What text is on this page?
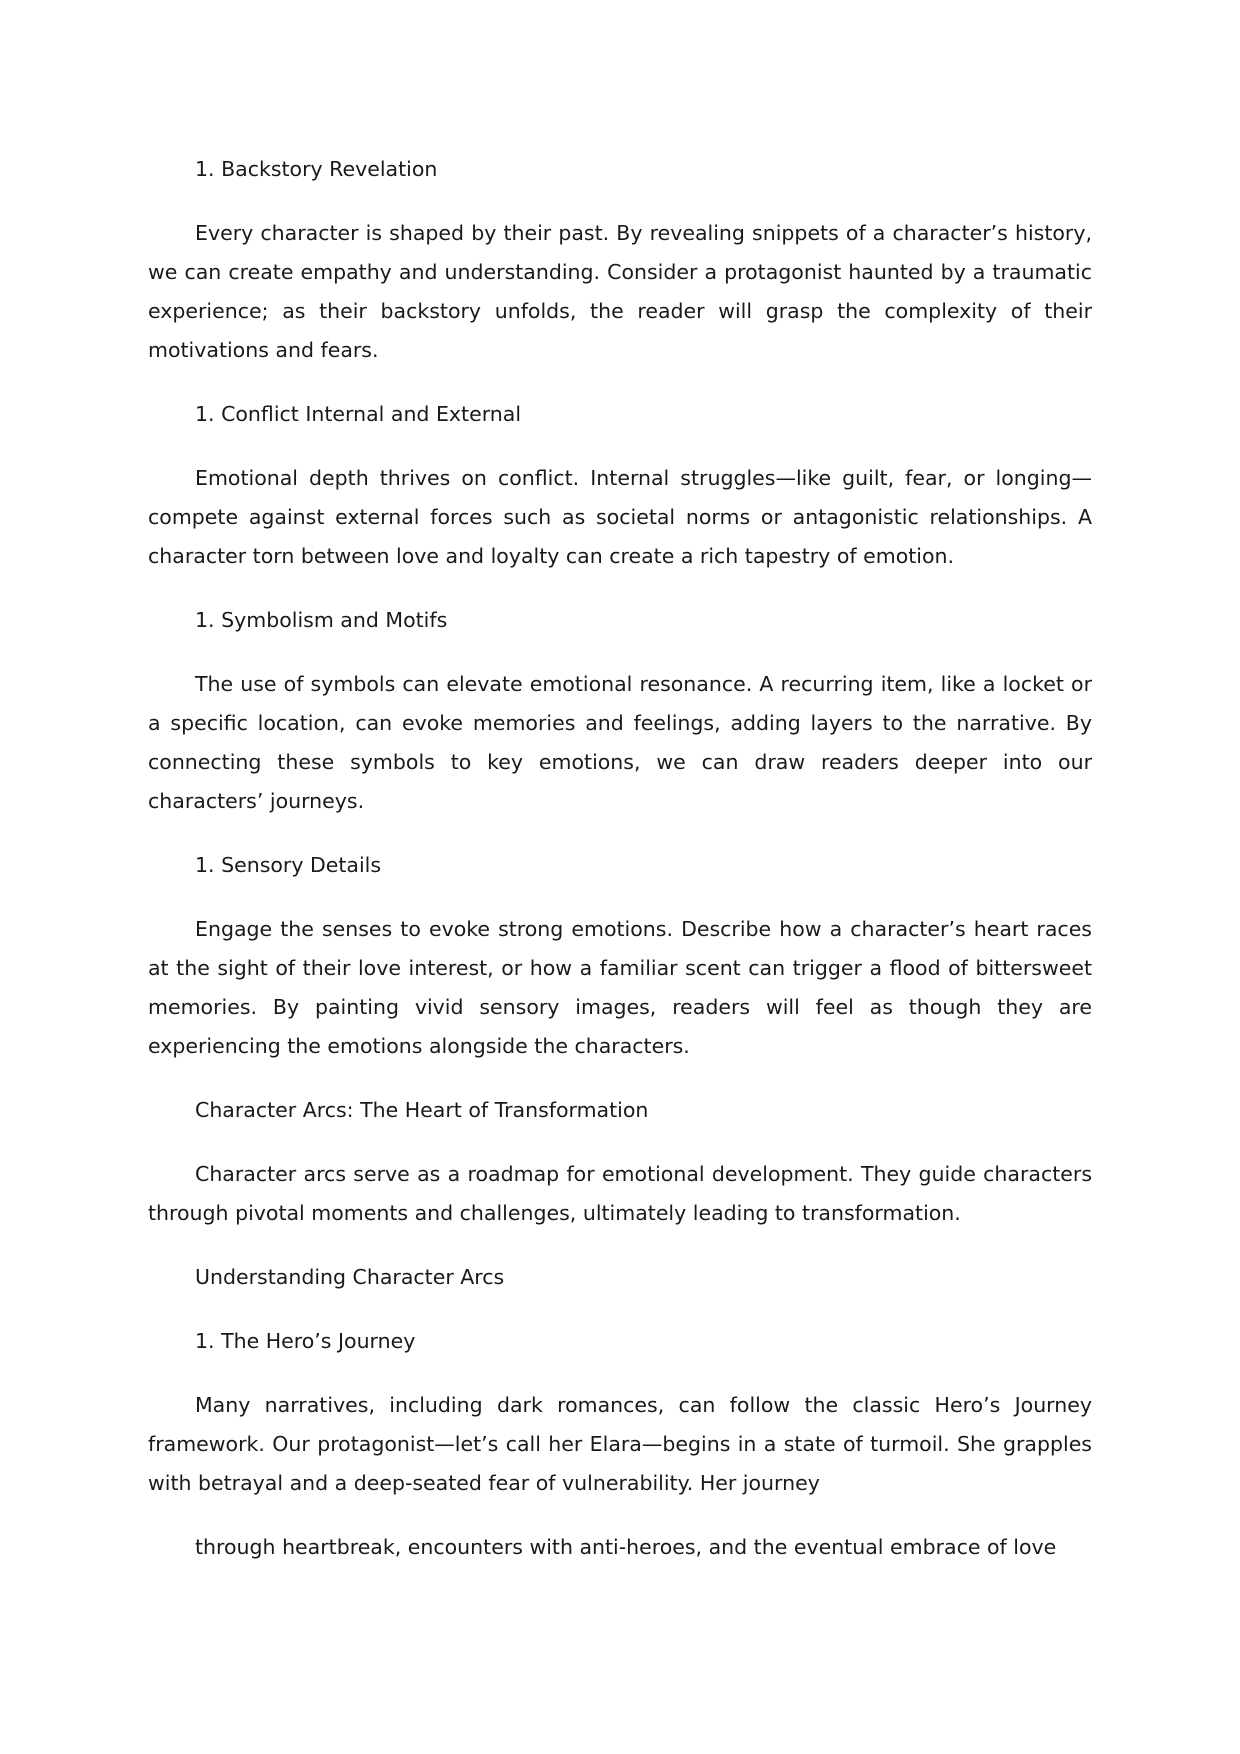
1. Backstory Revelation

Every character is shaped by their past. By revealing snippets of a character’s history, we can create empathy and understanding. Consider a protagonist haunted by a traumatic experience; as their backstory unfolds, the reader will grasp the complexity of their motivations and fears.

1. Conflict Internal and External

Emotional depth thrives on conflict. Internal struggles—like guilt, fear, or longing—compete against external forces such as societal norms or antagonistic relationships. A character torn between love and loyalty can create a rich tapestry of emotion.

1. Symbolism and Motifs

The use of symbols can elevate emotional resonance. A recurring item, like a locket or a specific location, can evoke memories and feelings, adding layers to the narrative. By connecting these symbols to key emotions, we can draw readers deeper into our characters’ journeys.

1. Sensory Details

Engage the senses to evoke strong emotions. Describe how a character’s heart races at the sight of their love interest, or how a familiar scent can trigger a flood of bittersweet memories. By painting vivid sensory images, readers will feel as though they are experiencing the emotions alongside the characters.

Character Arcs: The Heart of Transformation

Character arcs serve as a roadmap for emotional development. They guide characters through pivotal moments and challenges, ultimately leading to transformation.

Understanding Character Arcs

1. The Hero’s Journey

Many narratives, including dark romances, can follow the classic Hero’s Journey framework. Our protagonist—let’s call her Elara—begins in a state of turmoil. She grapples with betrayal and a deep-seated fear of vulnerability. Her journey

through heartbreak, encounters with anti-heroes, and the eventual embrace of love
